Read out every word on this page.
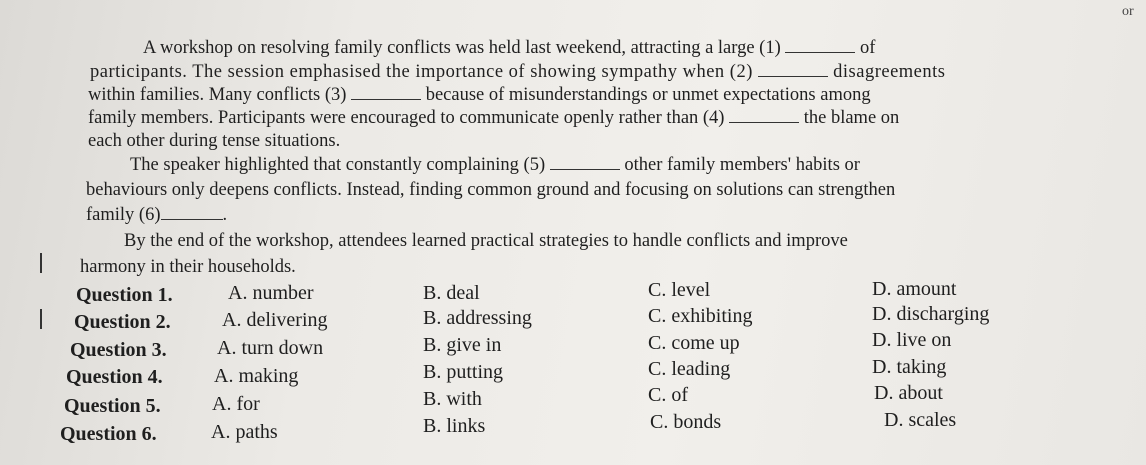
or
A workshop on resolving family conflicts was held last weekend, attracting a large (1)	of
participants. The session emphasised the importance of showing sympathy when (2)	disagreements
within families. Many conflicts (3)	because of misunderstandings or unmet expectations among
family members. Participants were encouraged to communicate openly rather than (4)	the blame on
each other during tense situations.
The speaker highlighted that constantly complaining (5)	other family members' habits or
behaviours only deepens conflicts. Instead, finding common ground and focusing on solutions can strengthen
family (6)	.
By the end of the workshop, attendees learned practical strategies to handle conflicts and improve
harmony in their households.
Question 1.	A. number	B. deal	C. level	D. amount
Question 2.	A. delivering	B. addressing	C. exhibiting	D. discharging
Question 3.	A. turn down	B. give in	C. come up	D. live on
Question 4.	A. making	B. putting	C. leading	D. taking
Question 5.	A. for	B. with	C. of	D. about
Question 6.	A. paths	B. links	C. bonds	D. scales
